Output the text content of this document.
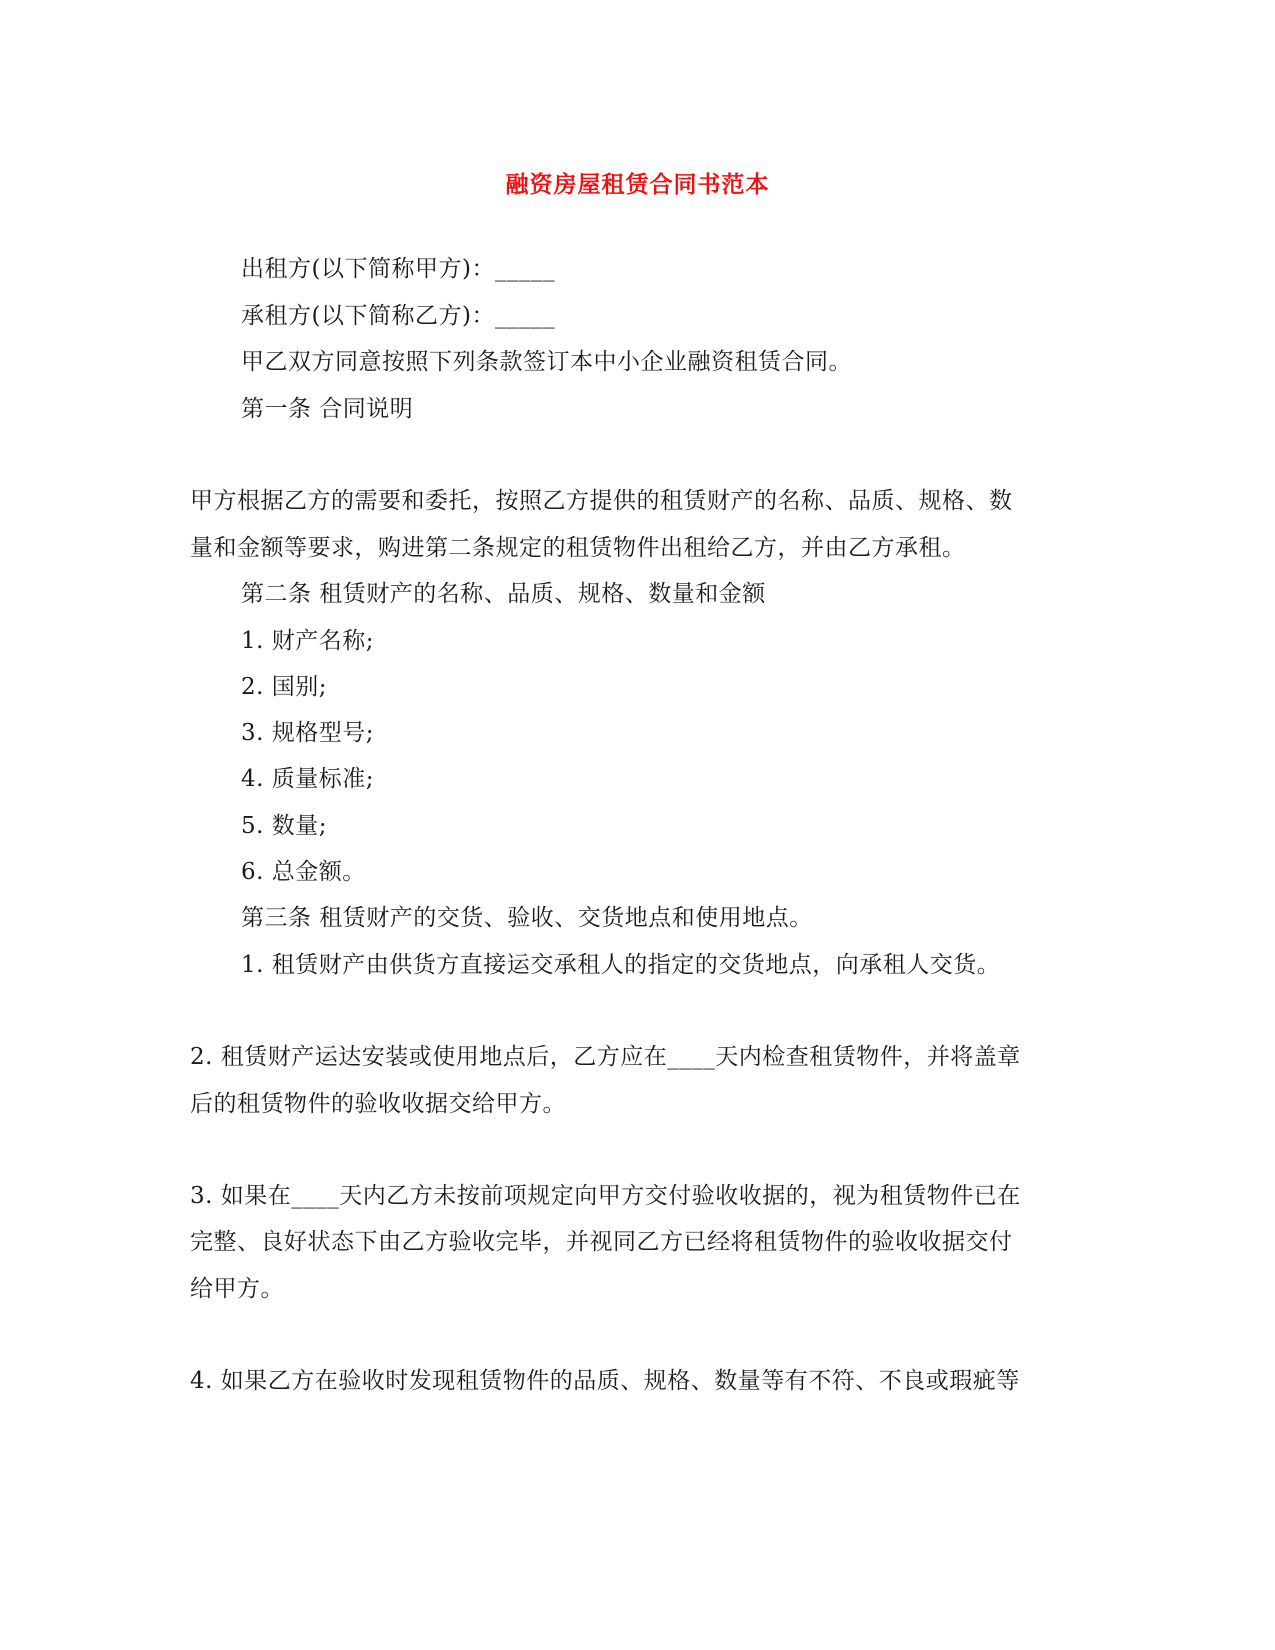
融资房屋租赁合同书范本
出租方(以下简称甲方)：_____
承租方(以下简称乙方)：_____
甲乙双方同意按照下列条款签订本中小企业融资租赁合同。
第一条 合同说明
甲方根据乙方的需要和委托，按照乙方提供的租赁财产的名称、品质、规格、数
量和金额等要求，购进第二条规定的租赁物件出租给乙方，并由乙方承租。
第二条 租赁财产的名称、品质、规格、数量和金额
1. 财产名称;
2. 国别;
3. 规格型号;
4. 质量标准;
5. 数量;
6. 总金额。
第三条 租赁财产的交货、验收、交货地点和使用地点。
1. 租赁财产由供货方直接运交承租人的指定的交货地点，向承租人交货。
2. 租赁财产运达安装或使用地点后，乙方应在____天内检查租赁物件，并将盖章
后的租赁物件的验收收据交给甲方。
3. 如果在____天内乙方未按前项规定向甲方交付验收收据的，视为租赁物件已在
完整、良好状态下由乙方验收完毕，并视同乙方已经将租赁物件的验收收据交付
给甲方。
4. 如果乙方在验收时发现租赁物件的品质、规格、数量等有不符、不良或瑕疵等
